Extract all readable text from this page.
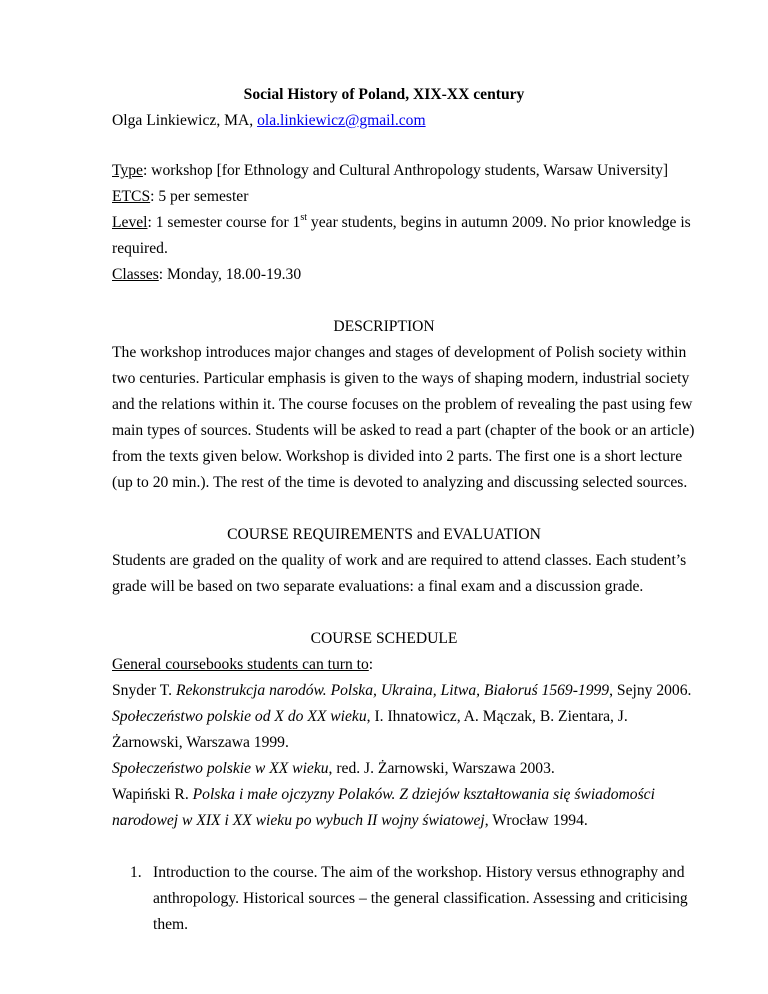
Social History of Poland, XIX-XX century
Olga Linkiewicz, MA, ola.linkiewicz@gmail.com
Type: workshop [for Ethnology and Cultural Anthropology students, Warsaw University]
ETCS: 5 per semester
Level: 1 semester course for 1st year students, begins in autumn 2009. No prior knowledge is
required.
Classes: Monday, 18.00-19.30
DESCRIPTION
The workshop introduces major changes and stages of development of Polish society within
two centuries. Particular emphasis is given to the ways of shaping modern, industrial society
and the relations within it. The course focuses on the problem of revealing the past using few
main types of sources. Students will be asked to read a part (chapter of the book or an article)
from the texts given below. Workshop is divided into 2 parts. The first one is a short lecture
(up to 20 min.). The rest of the time is devoted to analyzing and discussing selected sources.
COURSE REQUIREMENTS and EVALUATION
Students are graded on the quality of work and are required to attend classes. Each student’s
grade will be based on two separate evaluations: a final exam and a discussion grade.
COURSE SCHEDULE
General coursebooks students can turn to:
Snyder T. Rekonstrukcja narodów. Polska, Ukraina, Litwa, Białoruś 1569-1999, Sejny 2006.
Społeczeństwo polskie od X do XX wieku, I. Ihnatowicz, A. Mączak, B. Zientara, J.
Żarnowski, Warszawa 1999.
Społeczeństwo polskie w XX wieku, red. J. Żarnowski, Warszawa 2003.
Wapiński R. Polska i małe ojczyzny Polaków. Z dziejów kształtowania się świadomości
narodowej w XIX i XX wieku po wybuch II wojny światowej, Wrocław 1994.
1. Introduction to the course. The aim of the workshop. History versus ethnography and
anthropology. Historical sources – the general classification. Assessing and criticising
them.
